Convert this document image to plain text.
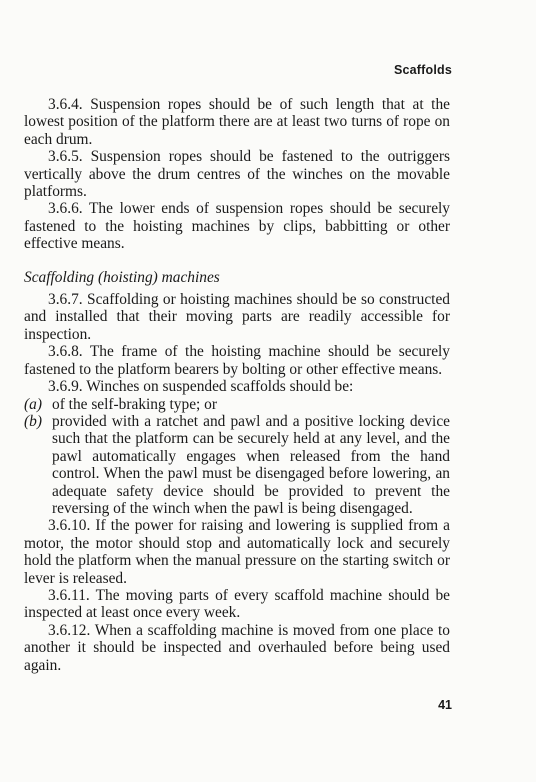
Scaffolds

3.6.4. Suspension ropes should be of such length that at the lowest position of the platform there are at least two turns of rope on each drum.

3.6.5. Suspension ropes should be fastened to the outriggers vertically above the drum centres of the winches on the movable platforms.

3.6.6. The lower ends of suspension ropes should be securely fastened to the hoisting machines by clips, babbitting or other effective means.

Scaffolding (hoisting) machines

3.6.7. Scaffolding or hoisting machines should be so constructed and installed that their moving parts are readily accessible for inspection.

3.6.8. The frame of the hoisting machine should be securely fastened to the platform bearers by bolting or other effective means.

3.6.9. Winches on suspended scaffolds should be:

(a) of the self-braking type; or
(b) provided with a ratchet and pawl and a positive locking device such that the platform can be securely held at any level, and the pawl automatically engages when released from the hand control. When the pawl must be disengaged before lowering, an adequate safety device should be provided to prevent the reversing of the winch when the pawl is being disengaged.

3.6.10. If the power for raising and lowering is supplied from a motor, the motor should stop and automatically lock and securely hold the platform when the manual pressure on the starting switch or lever is released.

3.6.11. The moving parts of every scaffold machine should be inspected at least once every week.

3.6.12. When a scaffolding machine is moved from one place to another it should be inspected and overhauled before being used again.

41
